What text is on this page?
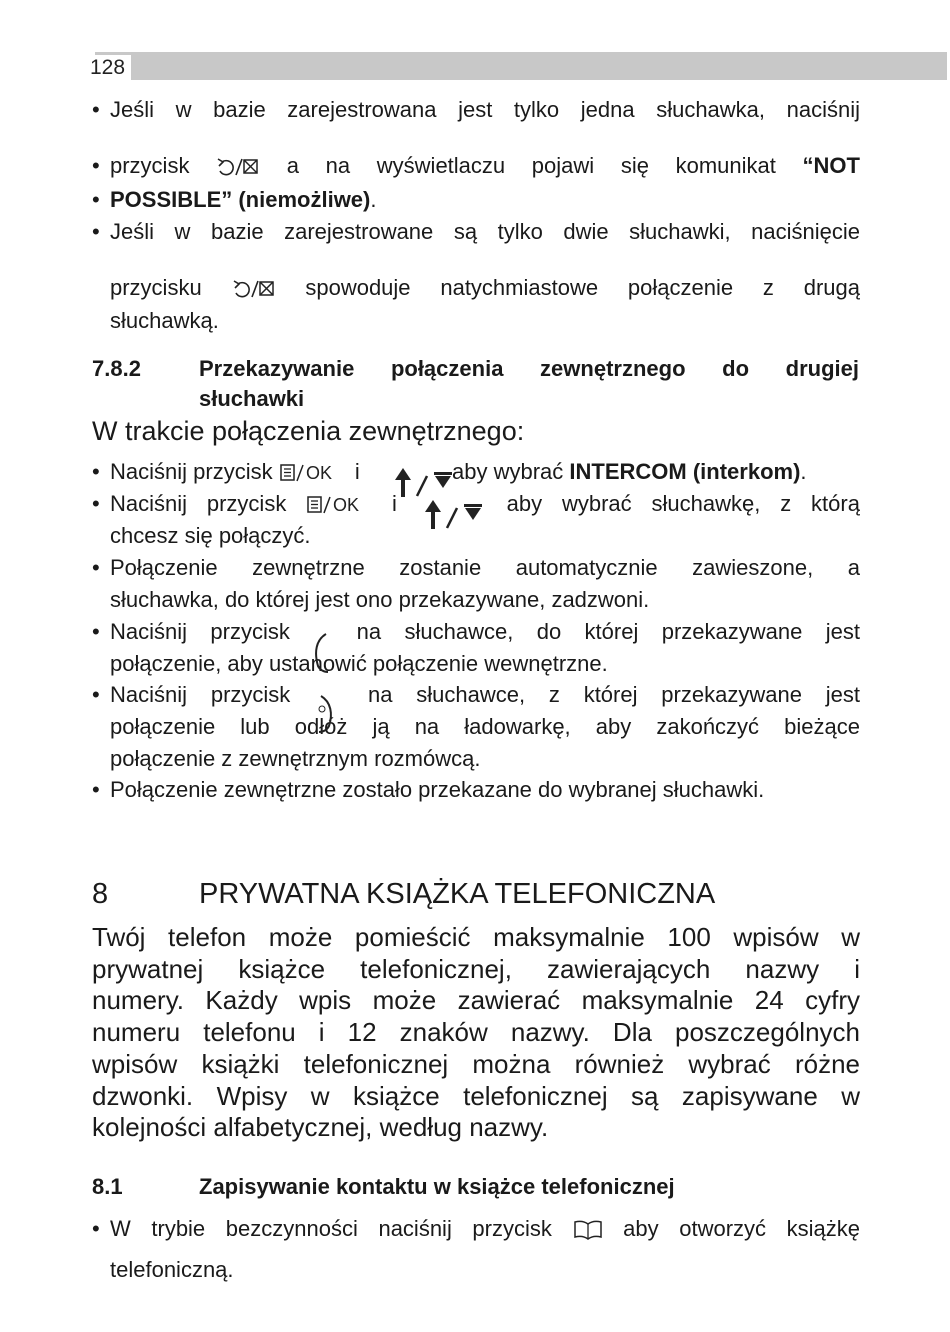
128
• Jeśli w bazie zarejestrowana jest tylko jedna słuchawka, naciśnij
• przycisk	a na wyświetlaczu pojawi się komunikat “NOT
• POSSIBLE” (niemożliwe).
• Jeśli w bazie zarejestrowane są tylko dwie słuchawki, naciśnięcie
• przycisku	spowoduje natychmiastowe połączenie z drugą
• słuchawką.
7.8.2	Przekazywanie połączenia zewnętrznego do drugiej
słuchawki
W trakcie połączenia zewnętrznego:
• Naciśnij przycisk OK i	aby wybrać INTERCOM (interkom).
• Naciśnij przycisk	OK i	aby wybrać słuchawkę, z którą
• chcesz się połączyć.
• Połączenie zewnętrzne zostanie automatycznie zawieszone, a
• słuchawka, do której jest ono przekazywane, zadzwoni.
• Naciśnij przycisk	na słuchawce, do której przekazywane jest
• połączenie, aby ustanowić połączenie wewnętrzne.
• Naciśnij przycisk	na słuchawce, z której przekazywane jest
• połączenie lub odłóż ją na ładowarkę, aby zakończyć bieżące
• połączenie z zewnętrznym rozmówcą.
• Połączenie zewnętrzne zostało przekazane do wybranej słuchawki.
8	PRYWATNA KSIĄŻKA TELEFONICZNA
Twój telefon może pomieścić maksymalnie 100 wpisów w
prywatnej książce telefonicznej, zawierających nazwy i
numery. Każdy wpis może zawierać maksymalnie 24 cyfry
numeru telefonu i 12 znaków nazwy. Dla poszczególnych
wpisów książki telefonicznej można również wybrać różne
dzwonki. Wpisy w książce telefonicznej są zapisywane w
kolejności alfabetycznej, według nazwy.
8.1	Zapisywanie kontaktu w książce telefonicznej
• W trybie bezczynności naciśnij przycisk	aby otworzyć książkę
• telefoniczną.
